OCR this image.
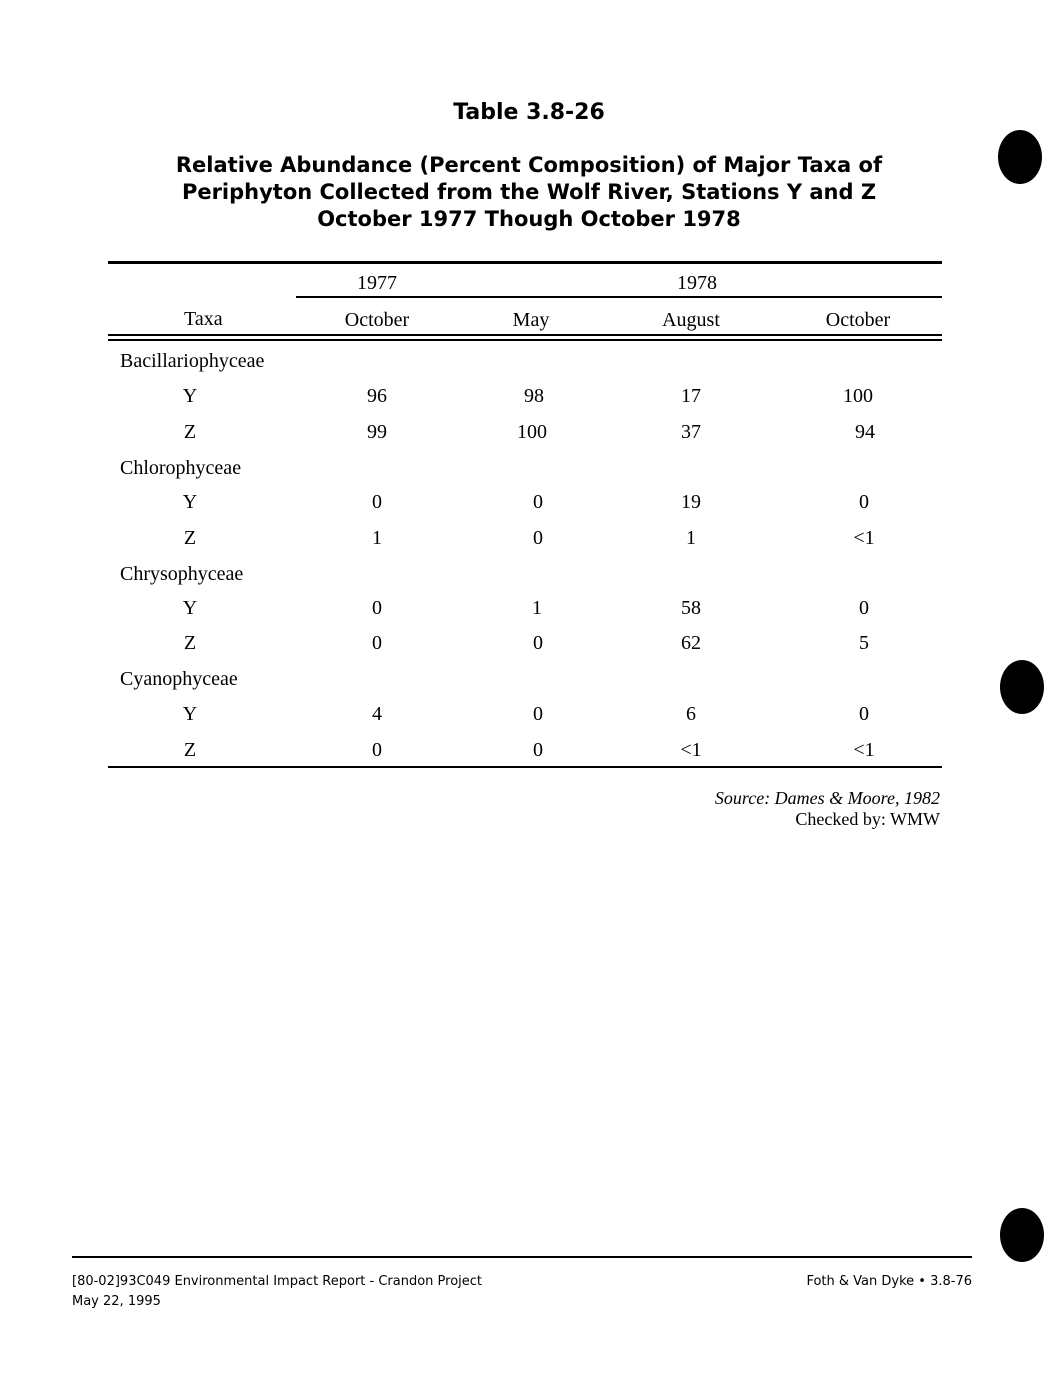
Table 3.8-26
Relative Abundance (Percent Composition) of Major Taxa of
Periphyton Collected from the Wolf River, Stations Y and Z
October 1977 Though October 1978
1977	1978
Taxa	October	May	August	October
Bacillariophyceae
Y	96	98	17	100
Z	99	100	37	94
Chlorophyceae
Y	0	0	19	0
Z	1	0	1	<1
Chrysophyceae
Y	0	1	58	0
Z	0	0	62	5
Cyanophyceae
Y	4	0	6	0
Z	0	0	<1	<1
Source: Dames & Moore, 1982
Checked by: WMW
[80-02]93C049 Environmental Impact Report - Crandon Project
May 22, 1995
Foth & Van Dyke • 3.8-76
